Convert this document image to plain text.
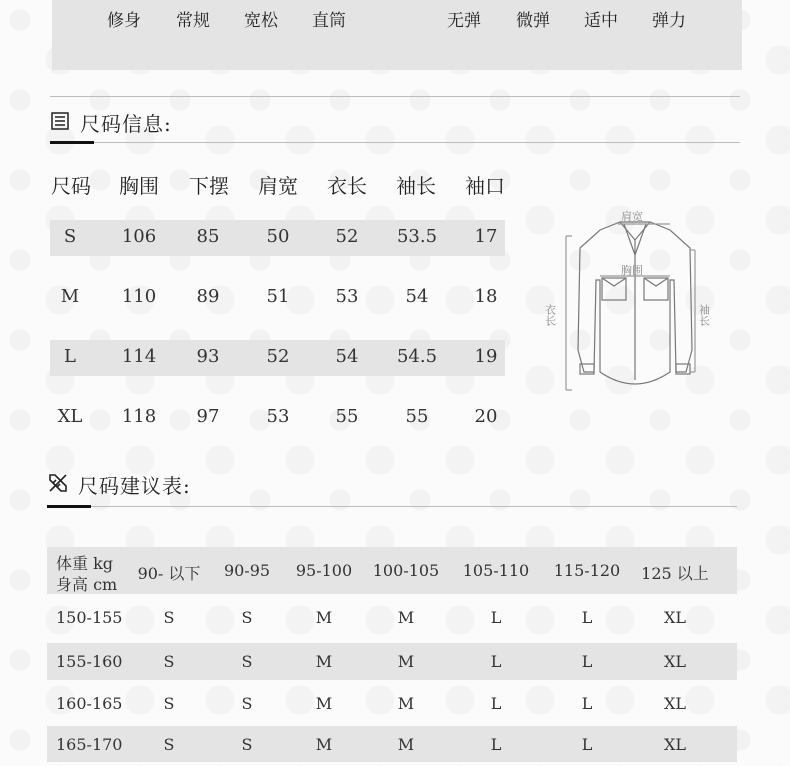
修身 常规 宽松 直筒	无弹 微弹 适中 弹力
尺码信息:
尺码 胸围 下摆 肩宽 衣长 袖长 袖口
S	106	85	50	52	53.5	17
M	110	89	51	53	54	18
L	114	93	52	54	54.5	19
XL	118	97	53	55	55	20
肩宽
胸围
衣长	袖长
尺码建议表:
体重 kg
身高 cm
90- 以下	90-95	95-100	100-105	105-110	115-120	125 以上
150-155	S	S	M	M	L	L	XL
155-160	S	S	M	M	L	L	XL
160-165	S	S	M	M	L	L	XL
165-170	S	S	M	M	L	L	XL
